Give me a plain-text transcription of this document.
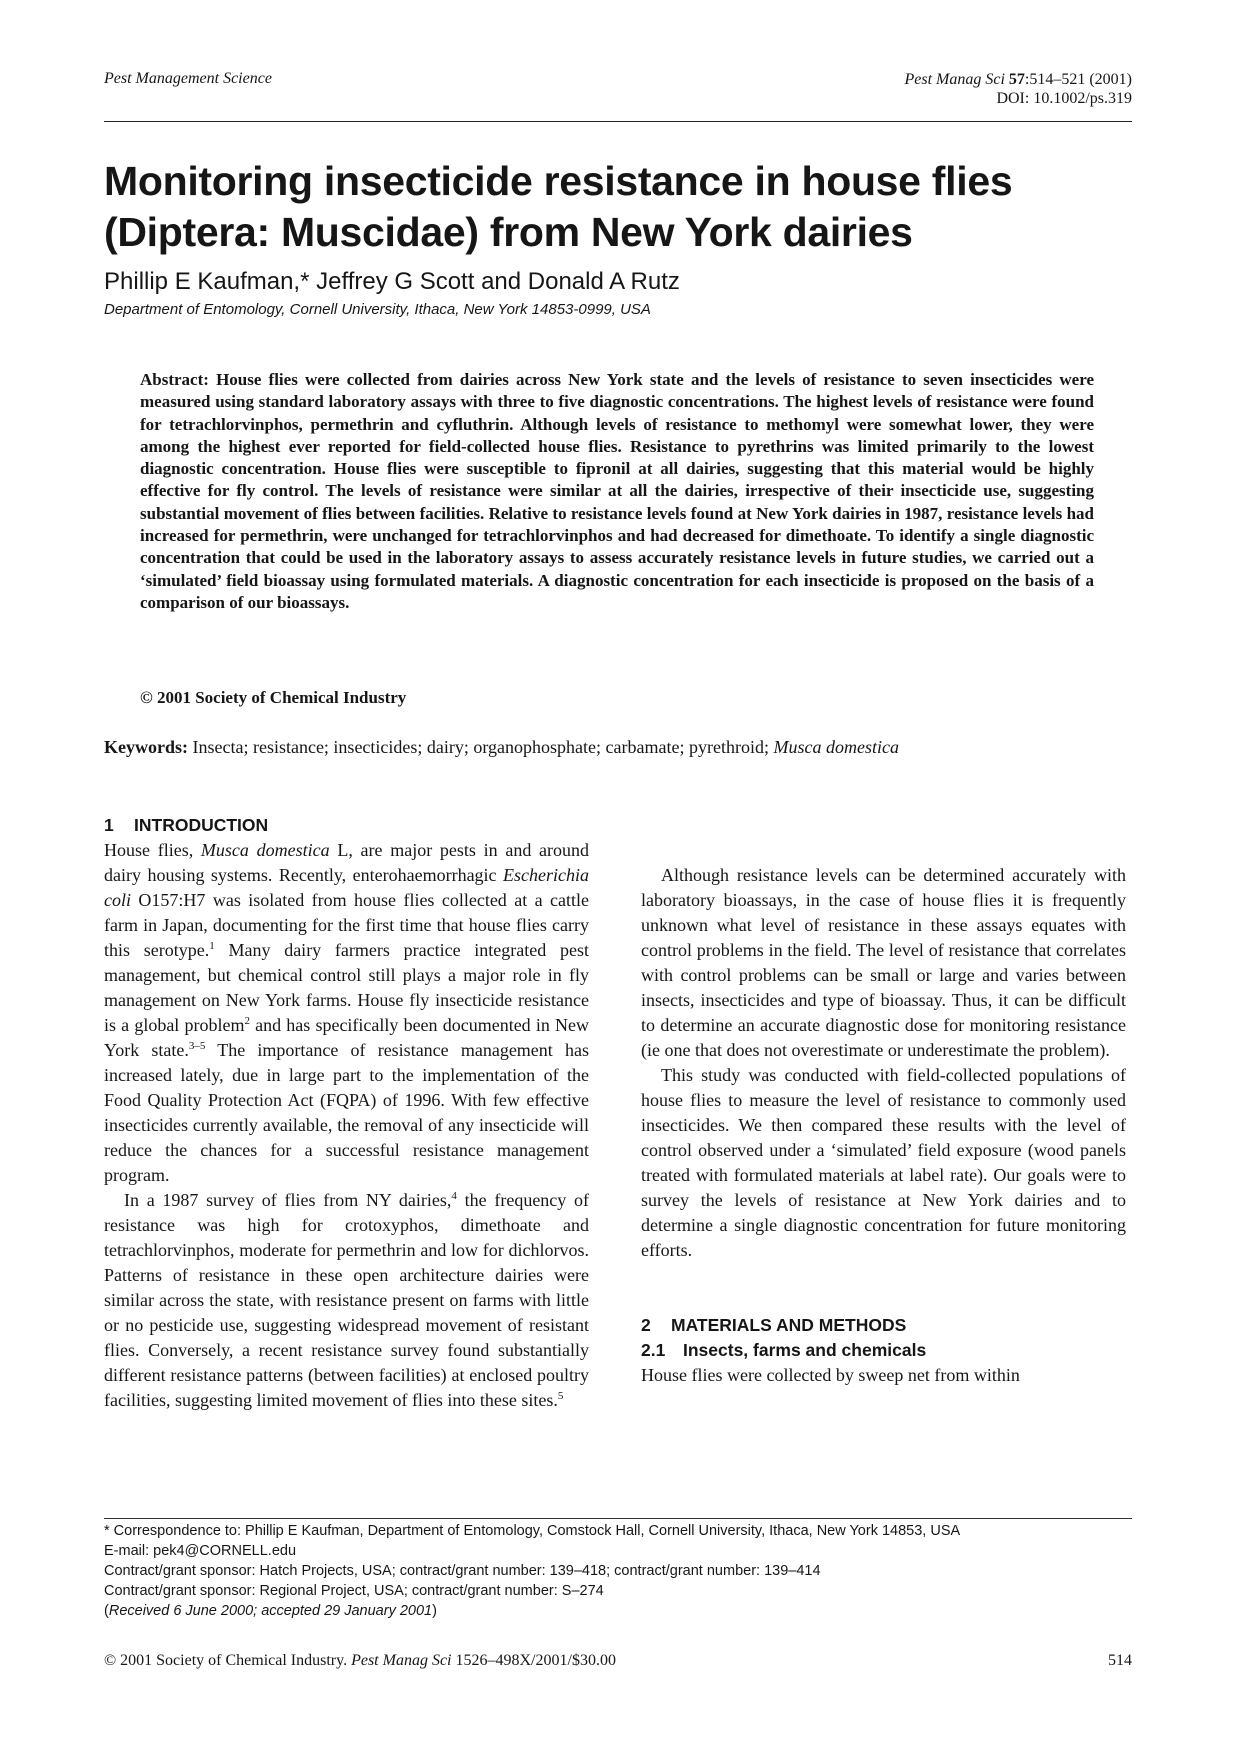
Pest Management Science	Pest Manag Sci 57:514–521 (2001)
DOI: 10.1002/ps.319
Monitoring insecticide resistance in house flies (Diptera: Muscidae) from New York dairies
Phillip E Kaufman,* Jeffrey G Scott and Donald A Rutz
Department of Entomology, Cornell University, Ithaca, New York 14853-0999, USA
Abstract: House flies were collected from dairies across New York state and the levels of resistance to seven insecticides were measured using standard laboratory assays with three to five diagnostic concentrations. The highest levels of resistance were found for tetrachlorvinphos, permethrin and cyfluthrin. Although levels of resistance to methomyl were somewhat lower, they were among the highest ever reported for field-collected house flies. Resistance to pyrethrins was limited primarily to the lowest diagnostic concentration. House flies were susceptible to fipronil at all dairies, suggesting that this material would be highly effective for fly control. The levels of resistance were similar at all the dairies, irrespective of their insecticide use, suggesting substantial movement of flies between facilities. Relative to resistance levels found at New York dairies in 1987, resistance levels had increased for permethrin, were unchanged for tetrachlorvinphos and had decreased for dimethoate. To identify a single diagnostic concentration that could be used in the laboratory assays to assess accurately resistance levels in future studies, we carried out a ‘simulated’ field bioassay using formulated materials. A diagnostic concentration for each insecticide is proposed on the basis of a comparison of our bioassays.
© 2001 Society of Chemical Industry
Keywords: Insecta; resistance; insecticides; dairy; organophosphate; carbamate; pyrethroid; Musca domestica
1 INTRODUCTION

House flies, Musca domestica L, are major pests in and around dairy housing systems. Recently, enterohaemorrhagic Escherichia coli O157:H7 was isolated from house flies collected at a cattle farm in Japan, documenting for the first time that house flies carry this serotype.$^1$ Many dairy farmers practice integrated pest management, but chemical control still plays a major role in fly management on New York farms. House fly insecticide resistance is a global problem$^2$ and has specifically been documented in New York state.$^{3-5}$ The importance of resistance management has increased lately, due in large part to the implementation of the Food Quality Protection Act (FQPA) of 1996. With few effective insecticides currently available, the removal of any insecticide will reduce the chances for a successful resistance management program.

In a 1987 survey of flies from NY dairies,$^4$ the frequency of resistance was high for crotoxyphos, dimethoate and tetrachlorvinphos, moderate for permethrin and low for dichlorvos. Patterns of resistance in these open architecture dairies were similar across the state, with resistance present on farms with little or no pesticide use, suggesting widespread movement of resistant flies. Conversely, a recent resistance survey found substantially different resistance patterns (between facilities) at enclosed poultry facilities, suggesting limited movement of flies into these sites.$^5$

Although resistance levels can be determined accurately with laboratory bioassays, in the case of house flies it is frequently unknown what level of resistance in these assays equates with control problems in the field. The level of resistance that correlates with control problems can be small or large and varies between insects, insecticides and type of bioassay. Thus, it can be difficult to determine an accurate diagnostic dose for monitoring resistance (ie one that does not overestimate or underestimate the problem).

This study was conducted with field-collected populations of house flies to measure the level of resistance to commonly used insecticides. We then compared these results with the level of control observed under a ‘simulated’ field exposure (wood panels treated with formulated materials at label rate). Our goals were to survey the levels of resistance at New York dairies and to determine a single diagnostic concentration for future monitoring efforts.

2 MATERIALS AND METHODS
2.1 Insects, farms and chemicals

House flies were collected by sweep net from within

* Correspondence to: Phillip E Kaufman, Department of Entomology, Comstock Hall, Cornell University, Ithaca, New York 14853, USA
E-mail: pek4@CORNELL.edu
Contract/grant sponsor: Hatch Projects, USA; contract/grant number: 139–418; contract/grant number: 139–414
Contract/grant sponsor: Regional Project, USA; contract/grant number: S–274
(Received 6 June 2000; accepted 29 January 2001)
© 2001 Society of Chemical Industry. Pest Manag Sci 1526–498X/2001/$30.00	514
